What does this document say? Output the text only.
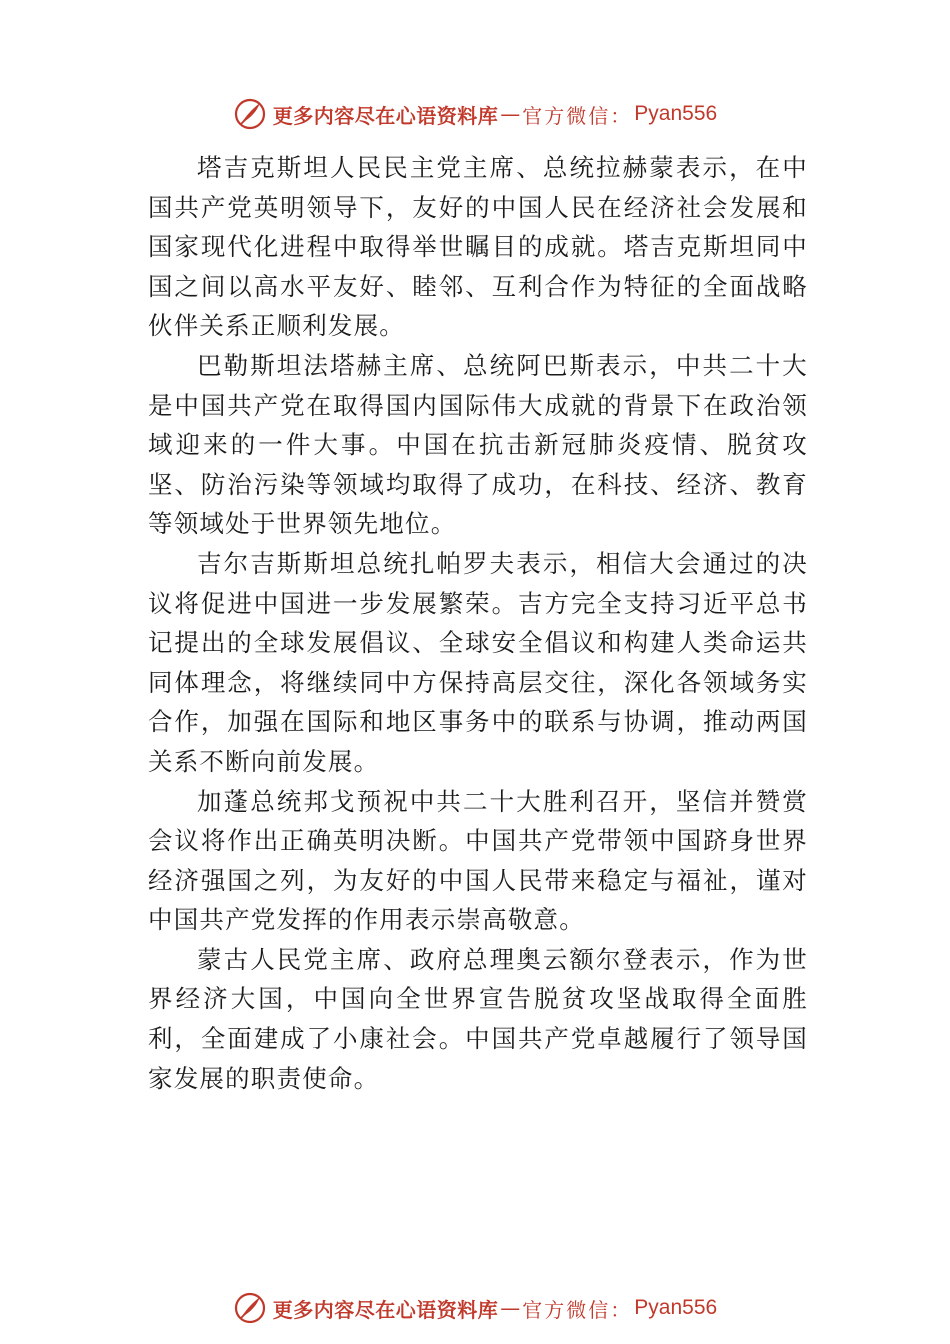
更多内容尽在心语资料库 — 官方微信： Pyan556

塔吉克斯坦人民民主党主席、总统拉赫蒙表示，在中国共产党英明领导下，友好的中国人民在经济社会发展和国家现代化进程中取得举世瞩目的成就。塔吉克斯坦同中国之间以高水平友好、睦邻、互利合作为特征的全面战略伙伴关系正顺利发展。

巴勒斯坦法塔赫主席、总统阿巴斯表示，中共二十大是中国共产党在取得国内国际伟大成就的背景下在政治领域迎来的一件大事。中国在抗击新冠肺炎疫情、脱贫攻坚、防治污染等领域均取得了成功，在科技、经济、教育等领域处于世界领先地位。

吉尔吉斯斯坦总统扎帕罗夫表示，相信大会通过的决议将促进中国进一步发展繁荣。吉方完全支持习近平总书记提出的全球发展倡议、全球安全倡议和构建人类命运共同体理念，将继续同中方保持高层交往，深化各领域务实合作，加强在国际和地区事务中的联系与协调，推动两国关系不断向前发展。

加蓬总统邦戈预祝中共二十大胜利召开，坚信并赞赏会议将作出正确英明决断。中国共产党带领中国跻身世界经济强国之列，为友好的中国人民带来稳定与福祉，谨对中国共产党发挥的作用表示崇高敬意。

蒙古人民党主席、政府总理奥云额尔登表示，作为世界经济大国，中国向全世界宣告脱贫攻坚战取得全面胜利，全面建成了小康社会。中国共产党卓越履行了领导国家发展的职责使命。

更多内容尽在心语资料库 — 官方微信： Pyan556
